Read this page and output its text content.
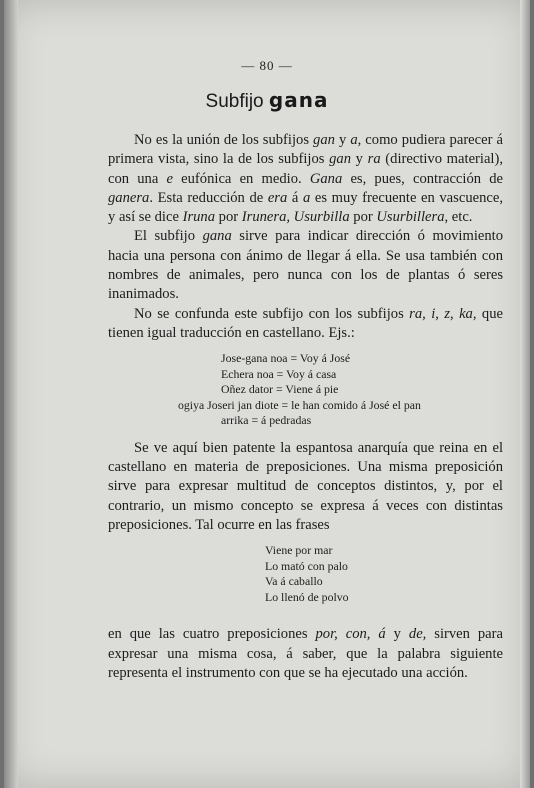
— 80 —
Subfijo gana

No es la unión de los subfijos gan y a, como pudiera parecer á primera vista, sino la de los subfijos gan y ra (directivo material), con una e eufónica en medio. Gana es, pues, contracción de ganera. Esta reducción de era á a es muy frecuente en vascuence, y así se dice Iruna por Irunera, Usurbilla por Usurbillera, etc.

El subfijo gana sirve para indicar dirección ó movimiento hacia una persona con ánimo de llegar á ella. Se usa también con nombres de animales, pero nunca con los de plantas ó seres inanimados.

No se confunda este subfijo con los subfijos ra, i, z, ka, que tienen igual traducción en castellano. Ejs.:

Jose-gana noa = Voy á José
Echera noa = Voy á casa
Oñez dator = Viene á pie
ogiya Joseri jan diote = le han comido á José el pan
arrika = á pedradas

Se ve aquí bien patente la espantosa anarquía que reina en el castellano en materia de preposiciones. Una misma preposición sirve para expresar multitud de conceptos distintos, y, por el contrario, un mismo concepto se expresa á veces con distintas preposiciones. Tal ocurre en las frases

Viene por mar
Lo mató con palo
Va á caballo
Lo llenó de polvo

en que las cuatro preposiciones por, con, á y de, sirven para expresar una misma cosa, á saber, que la palabra siguiente representa el instrumento con que se ha ejecutado una acción.
